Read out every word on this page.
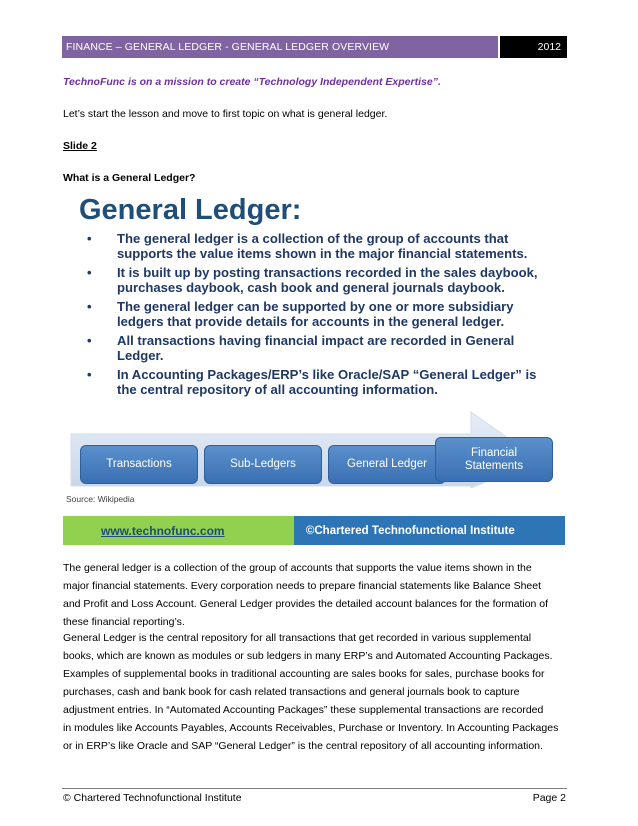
FINANCE – GENERAL LEDGER - GENERAL LEDGER OVERVIEW	2012
TechnoFunc is on a mission to create “Technology Independent Expertise”.
Let’s start the lesson and move to first topic on what is general ledger.
Slide 2
What is a General Ledger?
General Ledger:
• The general ledger is a collection of the group of accounts that supports the value items shown in the major financial statements.
• It is built up by posting transactions recorded in the sales daybook, purchases daybook, cash book and general journals daybook.
• The general ledger can be supported by one or more subsidiary ledgers that provide details for accounts in the general ledger.
• All transactions having financial impact are recorded in General Ledger.
• In Accounting Packages/ERP’s like Oracle/SAP “General Ledger” is the central repository of all accounting information.
Transactions	Sub-Ledgers	General Ledger
Financial Statements
Source: Wikipedia
www.technofunc.com	©Chartered Technofunctional Institute

The general ledger is a collection of the group of accounts that supports the value items shown in the
major financial statements. Every corporation needs to prepare financial statements like Balance Sheet
and Profit and Loss Account. General Ledger provides the detailed account balances for the formation of
these financial reporting’s.

General Ledger is the central repository for all transactions that get recorded in various supplemental
books, which are known as modules or sub ledgers in many ERP’s and Automated Accounting Packages.
Examples of supplemental books in traditional accounting are sales books for sales, purchase books for
purchases, cash and bank book for cash related transactions and general journals book to capture
adjustment entries. In “Automated Accounting Packages” these supplemental transactions are recorded
in modules like Accounts Payables, Accounts Receivables, Purchase or Inventory. In Accounting Packages
or in ERP’s like Oracle and SAP “General Ledger” is the central repository of all accounting information.

© Chartered Technofunctional Institute	Page 2
